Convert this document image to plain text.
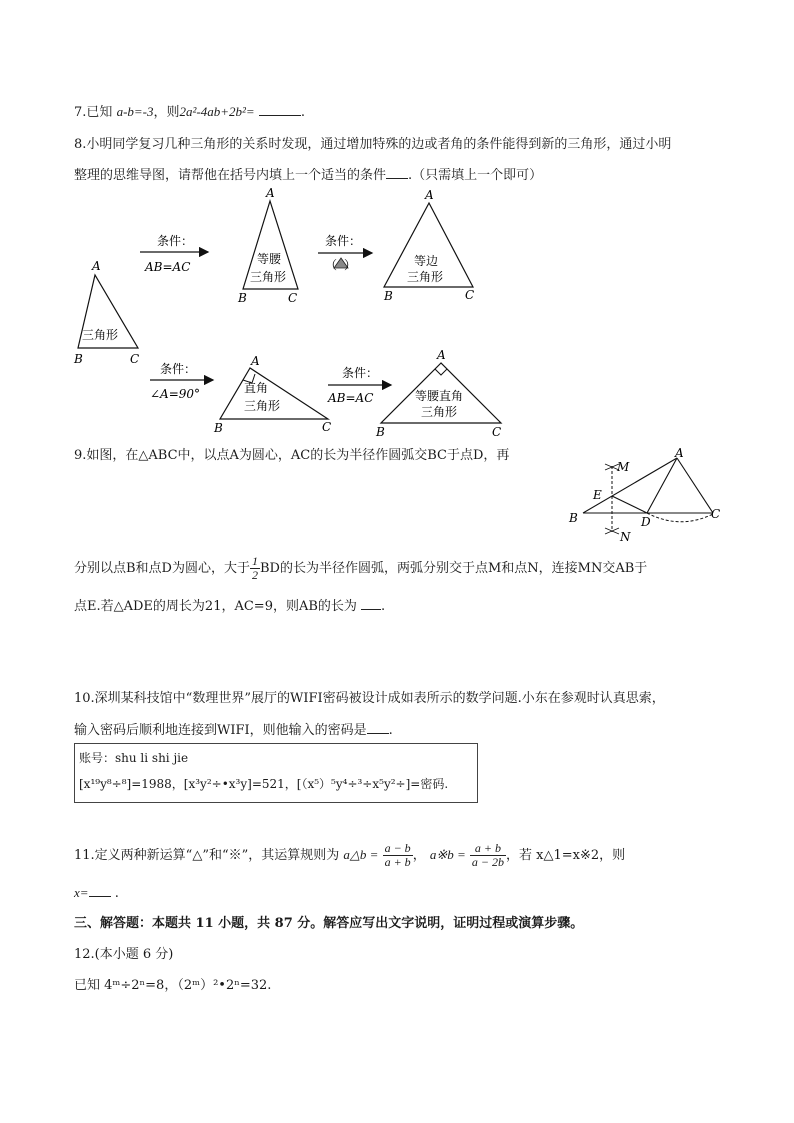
7.已知 a-b=-3，则2a²-4ab+2b²=	.
8.小明同学复习几种三角形的关系时发现，通过增加特殊的边或者角的条件能得到新的三角形，通过小明
整理的思维导图，请帮他在括号内填上一个适当的条件 .（只需填上一个即可）
A
B	C
三角形
条件：
AB=AC
A
B	C
等腰
三角形
条件：
（ ）
A
B	C
等边
三角形
条件：
∠A=90°
A
B	C
直角
三角形
条件：
AB=AC
A
B	C
等腰直角
三角形
9.如图，在△ABC中，以点A为圆心，AC的长为半径作圆弧交BC于点D，再
M
A
E
B	D
C
N
分别以点B和点D为圆心，大于 $\frac{1}{2}$ BD的长为半径作圆弧，两弧分别交于点M和点N，连接MN交AB于
点E.若△ADE的周长为21，AC=9，则AB的长为 .
10.深圳某科技馆中“数理世界”展厅的WIFI密码被设计成如表所示的数学问题.小东在参观时认真思索，
输入密码后顺利地连接到WIFI，则他输入的密码是 .
账号：shu li shi jie
[x¹⁹y⁸÷⁸]=1988，[x³y²÷•x³y]=521，[（x⁵）⁵y⁴÷³÷x⁵y²÷]=密码.
11.定义两种新运算“△”和“※”，其运算规则为 a△b = $\frac{a - b}{a + b}$ ， a※b = $\frac{a + b}{a - 2b}$ ，若 x△1=x※2，则
x= .
三、解答题：本题共 11 小题，共 87 分。解答应写出文字说明，证明过程或演算步骤。
12.(本小题 6 分)
已知 4ᵐ÷2ⁿ=8，（2ᵐ）²•2ⁿ=32.
